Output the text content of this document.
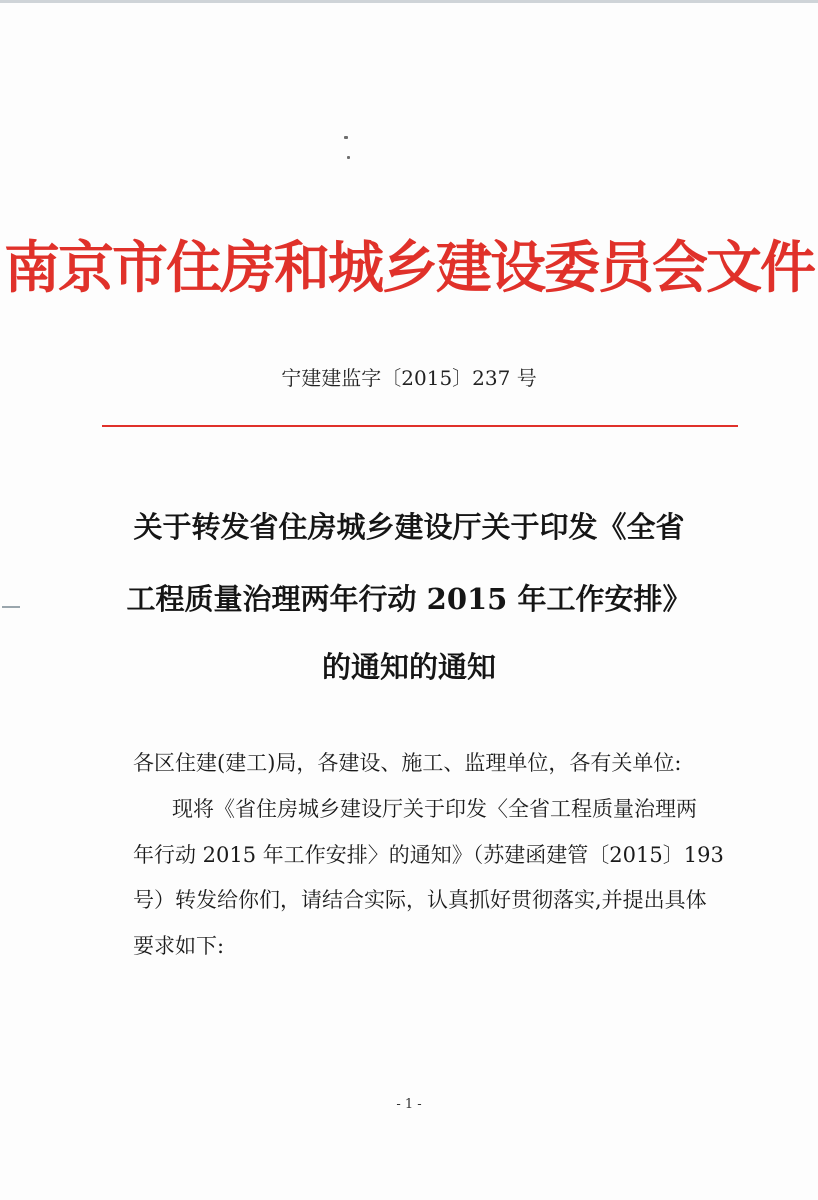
南京市住房和城乡建设委员会文件
宁建建监字〔2015〕237 号
关于转发省住房城乡建设厅关于印发《全省
工程质量治理两年行动 2015 年工作安排》
的通知的通知
各区住建(建工)局，各建设、施工、监理单位，各有关单位:
现将《省住房城乡建设厅关于印发〈全省工程质量治理两
年行动 2015 年工作安排〉的通知》（苏建函建管〔2015〕193
号）转发给你们，请结合实际，认真抓好贯彻落实,并提出具体
要求如下:
- 1 -
